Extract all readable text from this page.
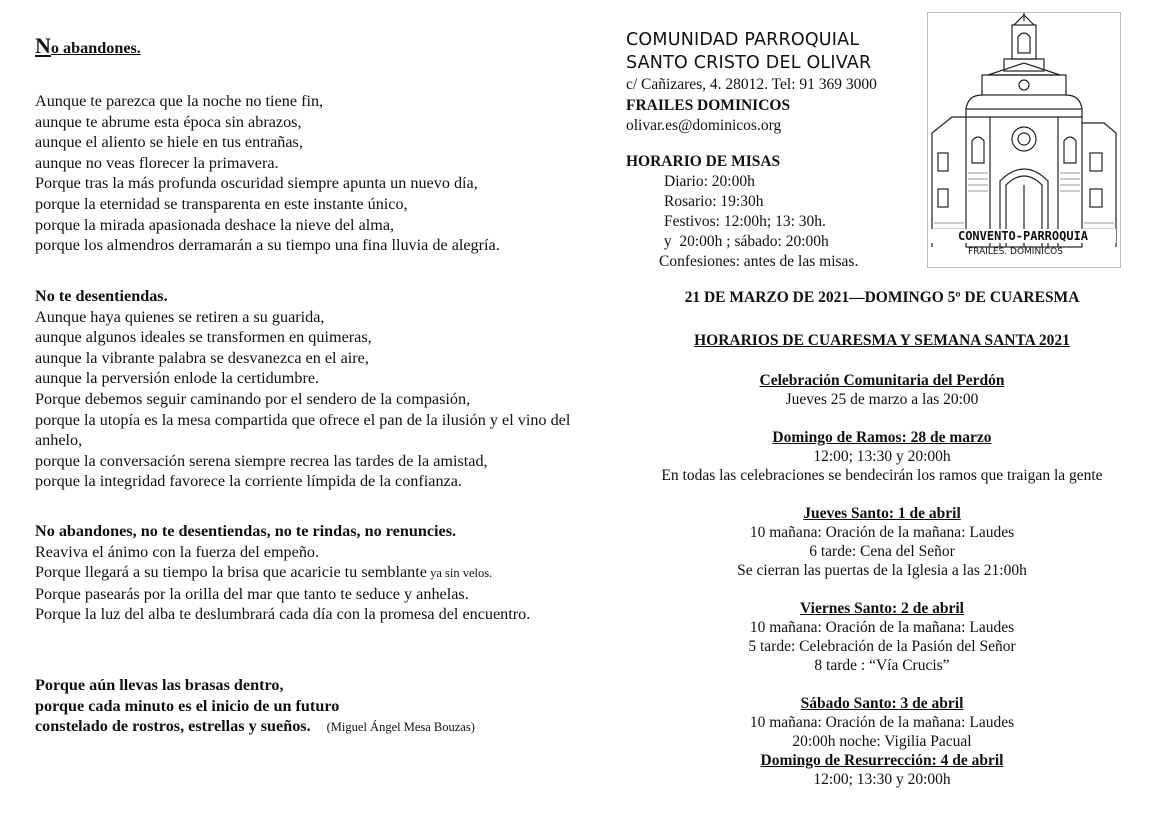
No abandones.
Aunque te parezca que la noche no tiene fin,
aunque te abrume esta época sin abrazos,
aunque el aliento se hiele en tus entrañas,
aunque no veas florecer la primavera.
Porque tras la más profunda oscuridad siempre apunta un nuevo día,
porque la eternidad se transparenta en este instante único,
porque la mirada apasionada deshace la nieve del alma,
porque los almendros derramarán a su tiempo una fina lluvia de alegría.
No te desentiendas.
Aunque haya quienes se retiren a su guarida,
aunque algunos ideales se transformen en quimeras,
aunque la vibrante palabra se desvanezca en el aire,
aunque la perversión enlode la certidumbre.
Porque debemos seguir caminando por el sendero de la compasión,
porque la utopía es la mesa compartida que ofrece el pan de la ilusión y el vino del anhelo,
porque la conversación serena siempre recrea las tardes de la amistad,
porque la integridad favorece la corriente límpida de la confianza.
No abandones, no te desentiendas, no te rindas, no renuncies.
Reaviva el ánimo con la fuerza del empeño.
Porque llegará a su tiempo la brisa que acaricie tu semblante ya sin velos.
Porque pasearás por la orilla del mar que tanto te seduce y anhelas.
Porque la luz del alba te deslumbrará cada día con la promesa del encuentro.
Porque aún llevas las brasas dentro,
porque cada minuto es el inicio de un futuro
constelado de rostros, estrellas y sueños. (Miguel Ángel Mesa Bouzas)
COMUNIDAD PARROQUIAL
SANTO CRISTO DEL OLIVAR
c/ Cañizares, 4. 28012. Tel: 91 369 3000
FRAILES DOMINICOS
olivar.es@dominicos.org
HORARIO DE MISAS
Diario: 20:00h
Rosario: 19:30h
Festivos: 12:00h; 13: 30h.
y  20:00h ; sábado: 20:00h
Confesiones: antes de las misas.
CONVENTO-PARROQUIA
FRAILES. DOMINICOS
21 DE MARZO DE 2021—DOMINGO 5º DE CUARESMA
HORARIOS DE CUARESMA Y SEMANA SANTA 2021
Celebración Comunitaria del Perdón
Jueves 25 de marzo a las 20:00
Domingo de Ramos: 28 de marzo
12:00; 13:30 y 20:00h
En todas las celebraciones se bendecirán los ramos que traigan la gente
Jueves Santo: 1 de abril
10 mañana: Oración de la mañana: Laudes
6 tarde: Cena del Señor
Se cierran las puertas de la Iglesia a las 21:00h
Viernes Santo: 2 de abril
10 mañana: Oración de la mañana: Laudes
5 tarde: Celebración de la Pasión del Señor
8 tarde : “Vía Crucis”
Sábado Santo: 3 de abril
10 mañana: Oración de la mañana: Laudes
20:00h noche: Vigilia Pacual
Domingo de Resurrección: 4 de abril
12:00; 13:30 y 20:00h
